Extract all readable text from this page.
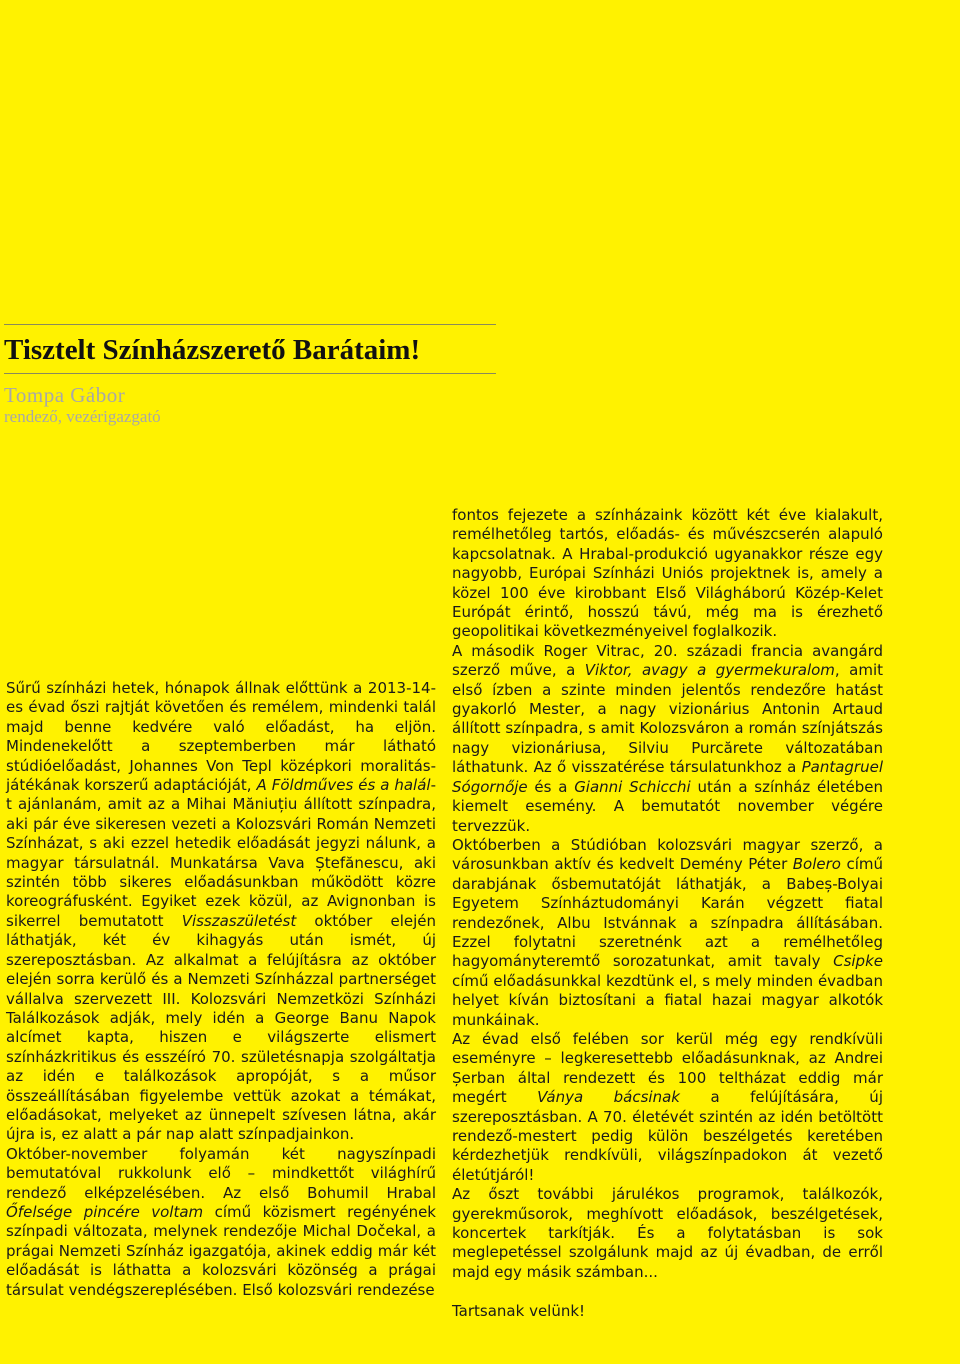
Tisztelt Színházszerető Barátaim!
Tompa Gábor
rendező, vezérigazgató

Sűrű színházi hetek, hónapok állnak előttünk a 2013-14-es évad őszi rajtját követően és remélem, mindenki talál majd benne kedvére való előadást, ha eljön. Mindenekelőtt a szeptemberben már látható stúdióelőadást, Johannes Von Tepl középkori moralitás-játékának korszerű adaptációját, A Földműves és a halál-t ajánlanám, amit az a Mihai Măniuțiu állított színpadra, aki pár éve sikeresen vezeti a Kolozsvári Román Nemzeti Színházat, s aki ezzel hetedik előadását jegyzi nálunk, a magyar társulatnál. Munkatársa Vava Ștefănescu, aki szintén több sikeres előadásunkban működött közre koreográfusként. Egyiket ezek közül, az Avignonban is sikerrel bemutatott Visszaszületést október elején láthatják, két év kihagyás után ismét, új szereposztásban. Az alkalmat a felújításra az október elején sorra kerülő és a Nemzeti Színházzal partnerséget vállalva szervezett III. Kolozsvári Nemzetközi Színházi Találkozások adják, mely idén a George Banu Napok alcímet kapta, hiszen e világszerte elismert színházkritikus és esszéíró 70. születésnapja szolgáltatja az idén e találkozások apropóját, s a műsor összeállításában figyelembe vettük azokat a témákat, előadásokat, melyeket az ünnepelt szívesen látna, akár újra is, ez alatt a pár nap alatt színpadjainkon.

Október-november folyamán két nagyszínpadi bemutatóval rukkolunk elő – mindkettőt világhírű rendező elképzelésében. Az első Bohumil Hrabal Őfelsége pincére voltam című közismert regényének színpadi változata, melynek rendezője Michal Dočekal, a prágai Nemzeti Színház igazgatója, akinek eddig már két előadását is láthatta a kolozsvári közönség a prágai társulat vendégszereplésében. Első kolozsvári rendezése

fontos fejezete a színházaink között két éve kialakult, remélhetőleg tartós, előadás- és művészcserén alapuló kapcsolatnak. A Hrabal-produkció ugyanakkor része egy nagyobb, Európai Színházi Uniós projektnek is, amely a közel 100 éve kirobbant Első Világháború Közép-Kelet Európát érintő, hosszú távú, még ma is érezhető geopolitikai következményeivel foglalkozik.

A második Roger Vitrac, 20. századi francia avangárd szerző műve, a Viktor, avagy a gyermekuralom, amit első ízben a szinte minden jelentős rendezőre hatást gyakorló Mester, a nagy vizionárius Antonin Artaud állított színpadra, s amit Kolozsváron a román színjátszás nagy vizionáriusa, Silviu Purcărete változatában láthatunk. Az ő visszatérése társulatunkhoz a Pantagruel Sógornője és a Gianni Schicchi után a színház életében kiemelt esemény. A bemutatót november végére tervezzük.

Októberben a Stúdióban kolozsvári magyar szerző, a városunkban aktív és kedvelt Demény Péter Bolero című darabjának ősbemutatóját láthatják, a Babeș-Bolyai Egyetem Színháztudományi Karán végzett fiatal rendezőnek, Albu Istvánnak a színpadra állításában. Ezzel folytatni szeretnénk azt a remélhetőleg hagyományteremtő sorozatunkat, amit tavaly Csipke című előadásunkkal kezdtünk el, s mely minden évadban helyet kíván biztosítani a fiatal hazai magyar alkotók munkáinak.

Az évad első felében sor kerül még egy rendkívüli eseményre – legkeresettebb előadásunknak, az Andrei Șerban által rendezett és 100 teltházat eddig már megért Ványa bácsinak a felújítására, új szereposztásban. A 70. életévét szintén az idén betöltött rendező-mestert pedig külön beszélgetés keretében kérdezhetjük rendkívüli, világszínpadokon át vezető életútjáról!

Az őszt további járulékos programok, találkozók, gyerekműsorok, meghívott előadások, beszélgetések, koncertek tarkítják. És a folytatásban is sok meglepetéssel szolgálunk majd az új évadban, de erről majd egy másik számban...

Tartsanak velünk!
